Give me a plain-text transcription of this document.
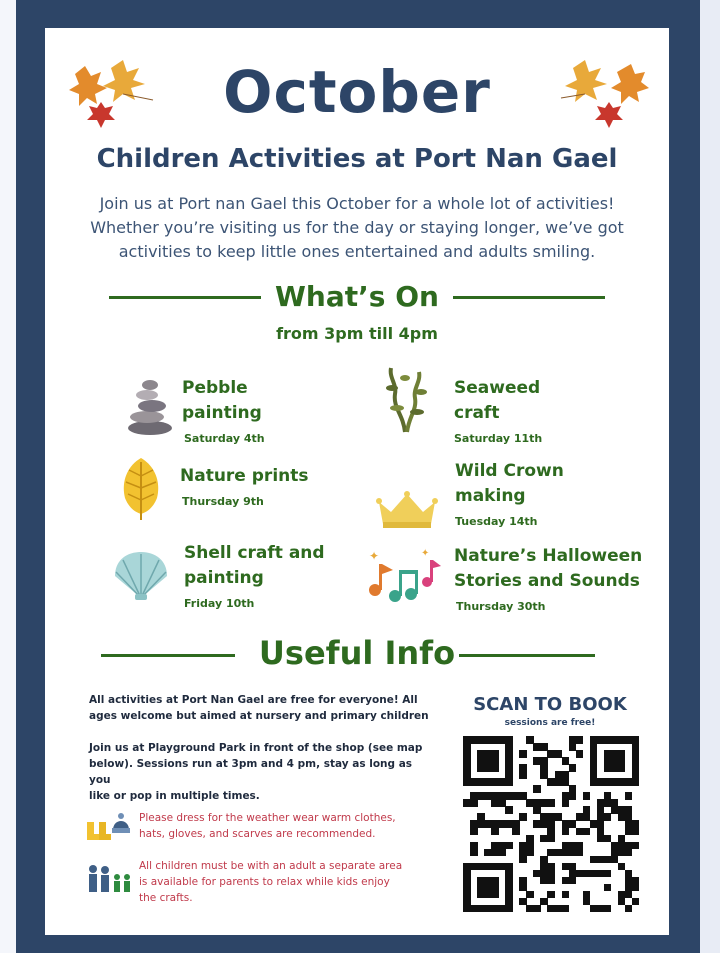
October
Children Activities at Port Nan Gael
Join us at Port nan Gael this October for a whole lot of activities!
Whether you’re visiting us for the day or staying longer, we’ve got
activities to keep little ones entertained and adults smiling.
What’s On
from 3pm till 4pm
Pebble
painting
Saturday 4th
Seaweed
craft
Saturday 11th
Nature prints
Thursday 9th
Wild Crown
making
Tuesday 14th
Shell craft and
painting
Friday 10th
✦	✦ Nature’s Halloween
Stories and Sounds
Thursday 30th
Useful Info
All activities at Port Nan Gael are free for everyone! All
ages welcome but aimed at nursery and primary children
Join us at Playground Park in front of the shop (see map
below). Sessions run at 3pm and 4 pm, stay as long as you
like or pop in multiple times.
Please dress for the weather wear warm clothes,
hats, gloves, and scarves are recommended.
All children must be with an adult a separate area
is available for parents to relax while kids enjoy
the crafts.
SCAN TO BOOK
sessions are free!
